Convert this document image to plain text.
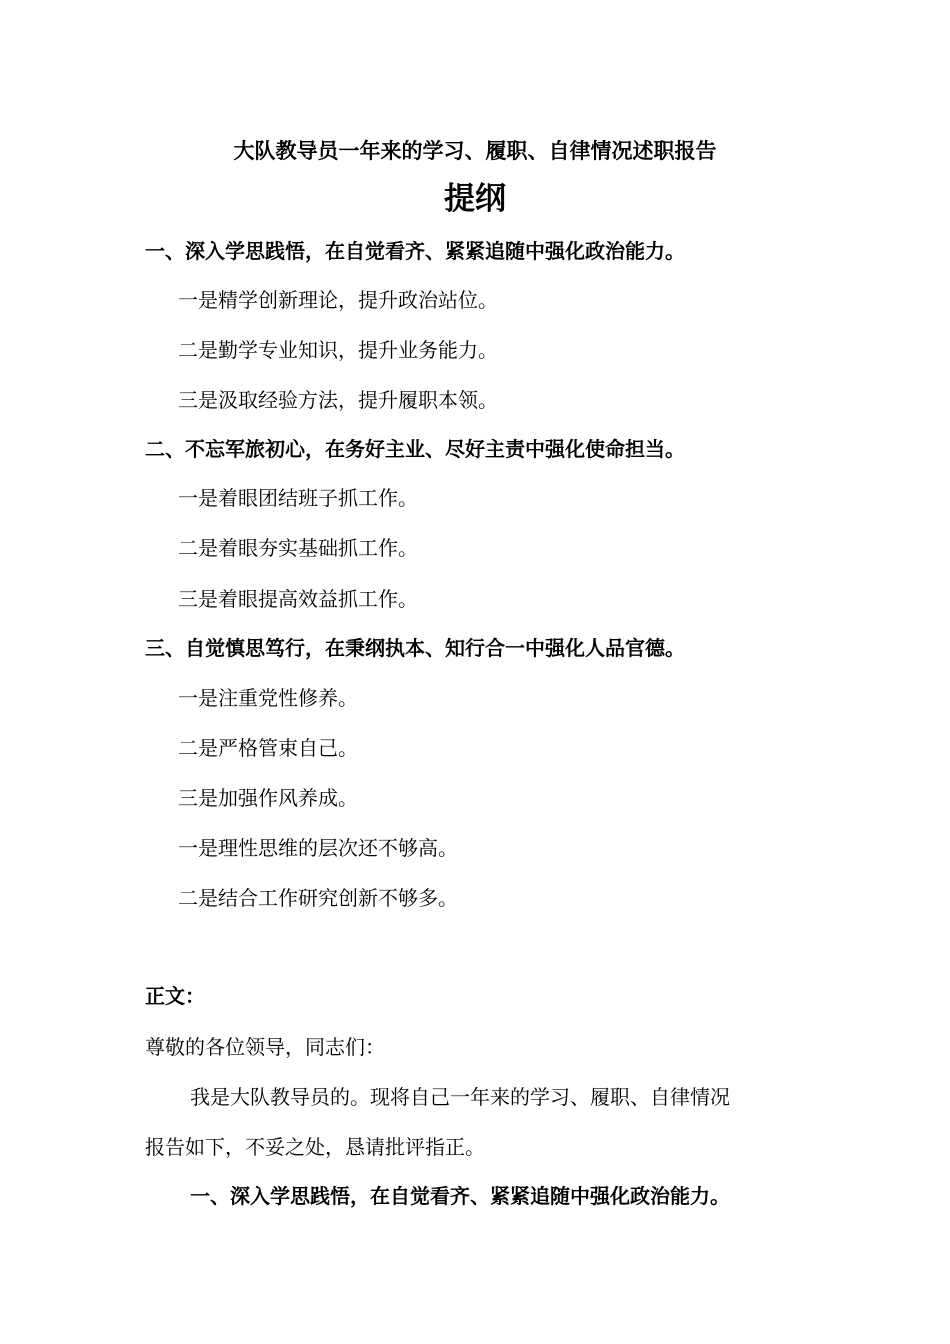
大队教导员一年来的学习、履职、自律情况述职报告
提纲
一、深入学思践悟，在自觉看齐、紧紧追随中强化政治能力。
一是精学创新理论，提升政治站位。
二是勤学专业知识，提升业务能力。
三是汲取经验方法，提升履职本领。
二、不忘军旅初心，在务好主业、尽好主责中强化使命担当。
一是着眼团结班子抓工作。
二是着眼夯实基础抓工作。
三是着眼提高效益抓工作。
三、自觉慎思笃行，在秉纲执本、知行合一中强化人品官德。
一是注重党性修养。
二是严格管束自己。
三是加强作风养成。
一是理性思维的层次还不够高。
二是结合工作研究创新不够多。
正文：
尊敬的各位领导，同志们：
我是大队教导员的。现将自己一年来的学习、履职、自律情况
报告如下，不妥之处，恳请批评指正。
一、深入学思践悟，在自觉看齐、紧紧追随中强化政治能力。
